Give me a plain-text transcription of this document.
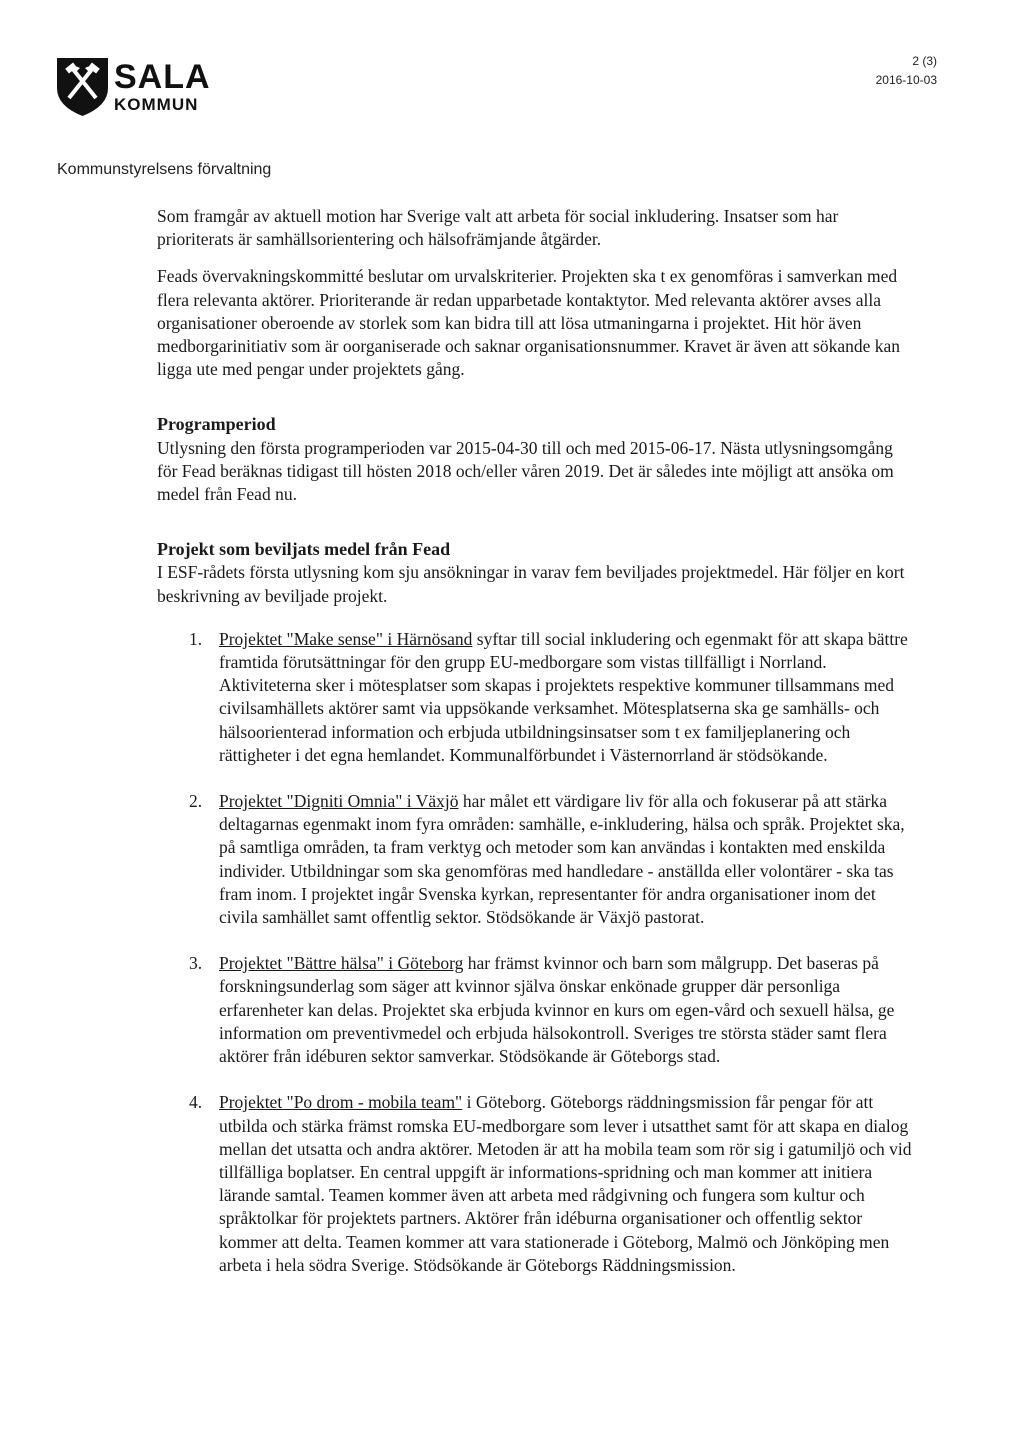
SALA
KOMMUN
2 (3)
2016-10-03
Kommunstyrelsens förvaltning

Som framgår av aktuell motion har Sverige valt att arbeta för social inkludering. Insatser som har prioriterats är samhällsorientering och hälsofrämjande åtgärder.

Feads övervakningskommitté beslutar om urvalskriterier. Projekten ska t ex genomföras i samverkan med flera relevanta aktörer. Prioriterande är redan upparbetade kontaktytor. Med relevanta aktörer avses alla organisationer oberoende av storlek som kan bidra till att lösa utmaningarna i projektet. Hit hör även medborgarinitiativ som är oorganiserade och saknar organisationsnummer. Kravet är även att sökande kan ligga ute med pengar under projektets gång.

Programperiod

Utlysning den första programperioden var 2015-04-30 till och med 2015-06-17. Nästa utlysningsomgång för Fead beräknas tidigast till hösten 2018 och/eller våren 2019. Det är således inte möjligt att ansöka om medel från Fead nu.

Projekt som beviljats medel från Fead

I ESF-rådets första utlysning kom sju ansökningar in varav fem beviljades projektmedel. Här följer en kort beskrivning av beviljade projekt.

1. Projektet "Make sense" i Härnösand syftar till social inkludering och egenmakt för att skapa bättre framtida förutsättningar för den grupp EU-medborgare som vistas tillfälligt i Norrland. Aktiviteterna sker i mötesplatser som skapas i projektets respektive kommuner tillsammans med civilsamhällets aktörer samt via uppsökande verksamhet. Mötesplatserna ska ge samhälls- och hälsoorienterad information och erbjuda utbildningsinsatser som t ex familjeplanering och rättigheter i det egna hemlandet. Kommunalförbundet i Västernorrland är stödsökande.
2. Projektet "Digniti Omnia" i Växjö har målet ett värdigare liv för alla och fokuserar på att stärka deltagarnas egenmakt inom fyra områden: samhälle, e-inkludering, hälsa och språk. Projektet ska, på samtliga områden, ta fram verktyg och metoder som kan användas i kontakten med enskilda individer. Utbildningar som ska genomföras med handledare - anställda eller volontärer - ska tas fram inom. I projektet ingår Svenska kyrkan, representanter för andra organisationer inom det civila samhället samt offentlig sektor. Stödsökande är Växjö pastorat.
3. Projektet "Bättre hälsa" i Göteborg har främst kvinnor och barn som målgrupp. Det baseras på forskningsunderlag som säger att kvinnor själva önskar enkönade grupper där personliga erfarenheter kan delas. Projektet ska erbjuda kvinnor en kurs om egen-vård och sexuell hälsa, ge information om preventivmedel och erbjuda hälsokontroll. Sveriges tre största städer samt flera aktörer från idéburen sektor samverkar. Stödsökande är Göteborgs stad.
4. Projektet "Po drom - mobila team" i Göteborg. Göteborgs räddningsmission får pengar för att utbilda och stärka främst romska EU-medborgare som lever i utsatthet samt för att skapa en dialog mellan det utsatta och andra aktörer. Metoden är att ha mobila team som rör sig i gatumiljö och vid tillfälliga boplatser. En central uppgift är informations-spridning och man kommer att initiera lärande samtal. Teamen kommer även att arbeta med rådgivning och fungera som kultur och språktolkar för projektets partners. Aktörer från idéburna organisationer och offentlig sektor kommer att delta. Teamen kommer att vara stationerade i Göteborg, Malmö och Jönköping men arbeta i hela södra Sverige. Stödsökande är Göteborgs Räddningsmission.
